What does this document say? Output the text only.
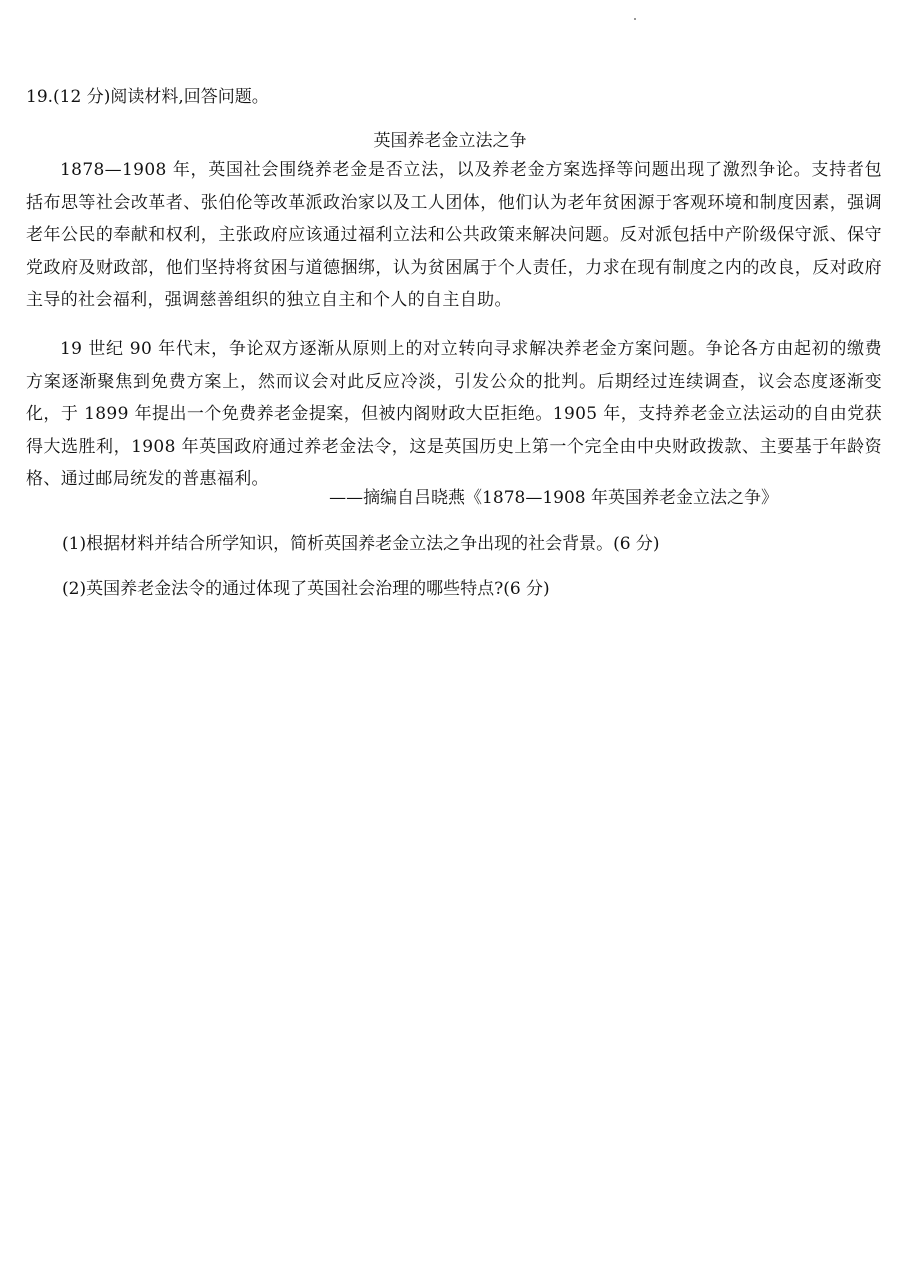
19.(12 分)阅读材料,回答问题。
英国养老金立法之争

1878—1908 年，英国社会围绕养老金是否立法，以及养老金方案选择等问题出现了激烈争论。支持者包括布思等社会改革者、张伯伦等改革派政治家以及工人团体，他们认为老年贫困源于客观环境和制度因素，强调老年公民的奉献和权利，主张政府应该通过福利立法和公共政策来解决问题。反对派包括中产阶级保守派、保守党政府及财政部，他们坚持将贫困与道德捆绑，认为贫困属于个人责任，力求在现有制度之内的改良，反对政府主导的社会福利，强调慈善组织的独立自主和个人的自主自助。

19 世纪 90 年代末，争论双方逐渐从原则上的对立转向寻求解决养老金方案问题。争论各方由起初的缴费方案逐渐聚焦到免费方案上，然而议会对此反应冷淡，引发公众的批判。后期经过连续调查，议会态度逐渐变化，于 1899 年提出一个免费养老金提案，但被内阁财政大臣拒绝。1905 年，支持养老金立法运动的自由党获得大选胜利，1908 年英国政府通过养老金法令，这是英国历史上第一个完全由中央财政拨款、主要基于年龄资格、通过邮局统发的普惠福利。

——摘编自吕晓燕《1878—1908 年英国养老金立法之争》
(1)根据材料并结合所学知识，简析英国养老金立法之争出现的社会背景。(6 分)
(2)英国养老金法令的通过体现了英国社会治理的哪些特点?(6 分)
